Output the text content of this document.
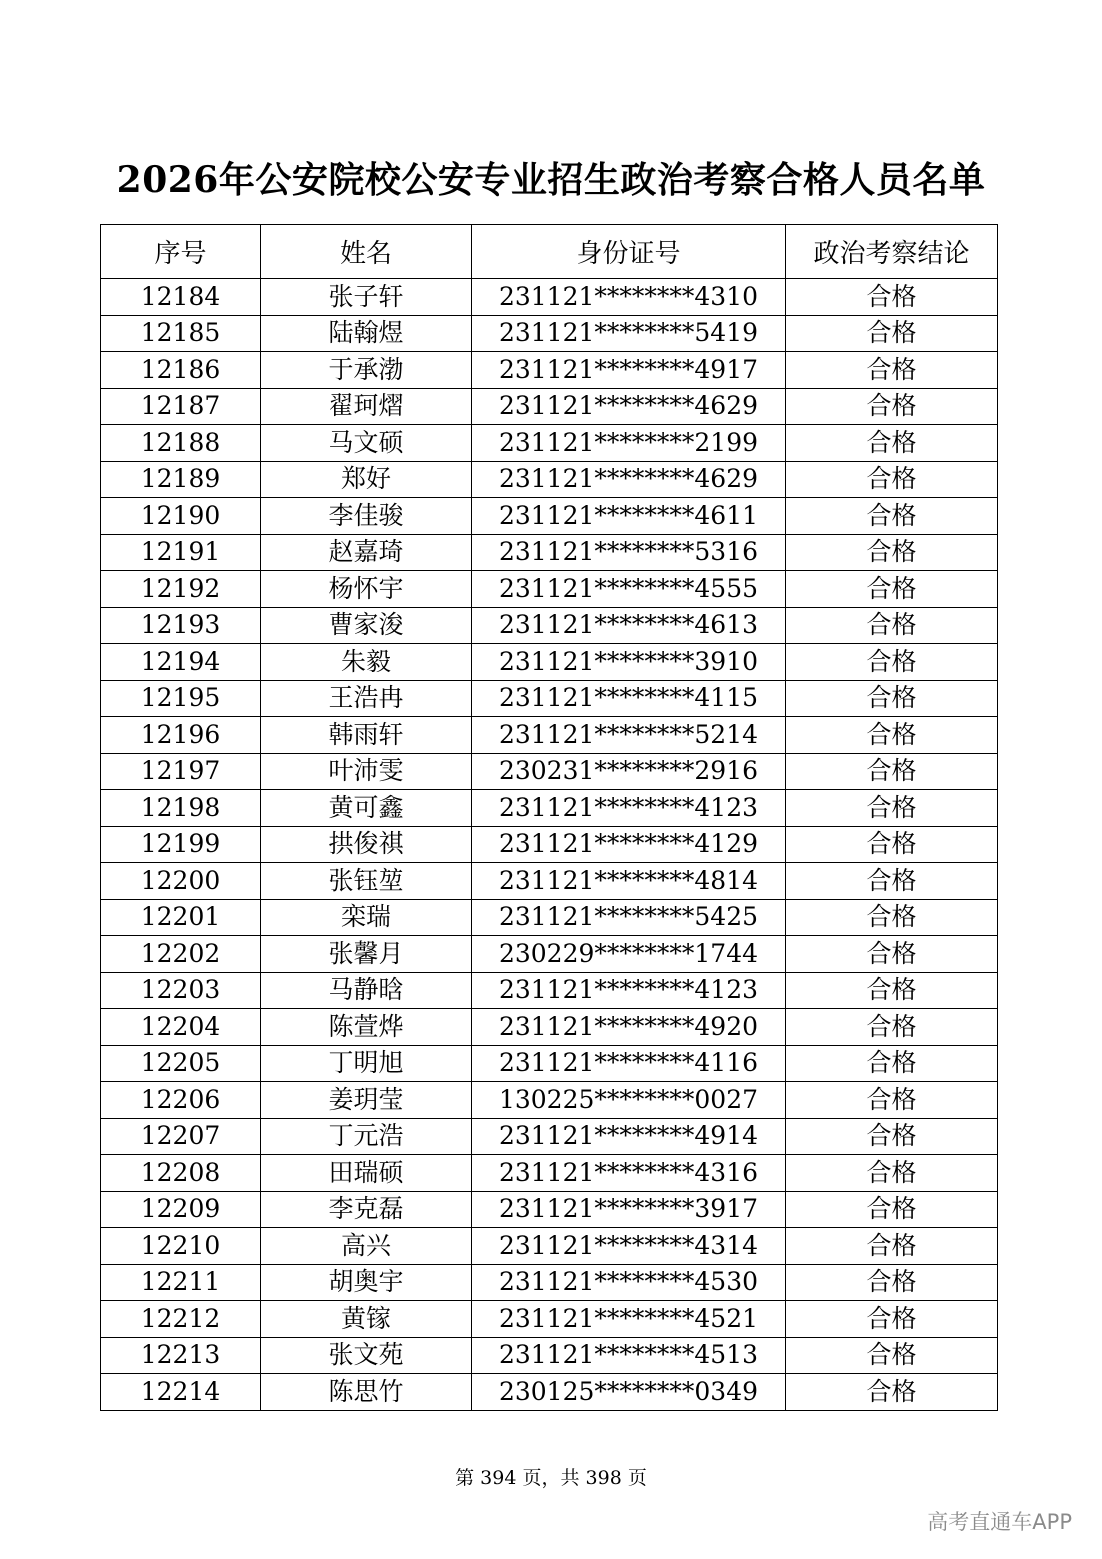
2026年公安院校公安专业招生政治考察合格人员名单
序号	姓名	身份证号	政治考察结论
12184	张子轩	231121********4310	合格
12185	陆翰煜	231121********5419	合格
12186	于承渤	231121********4917	合格
12187	翟珂熠	231121********4629	合格
12188	马文硕	231121********2199	合格
12189	郑好	231121********4629	合格
12190	李佳骏	231121********4611	合格
12191	赵嘉琦	231121********5316	合格
12192	杨怀宇	231121********4555	合格
12193	曹家浚	231121********4613	合格
12194	朱毅	231121********3910	合格
12195	王浩冉	231121********4115	合格
12196	韩雨轩	231121********5214	合格
12197	叶沛雯	230231********2916	合格
12198	黄可鑫	231121********4123	合格
12199	拱俊祺	231121********4129	合格
12200	张钰堃	231121********4814	合格
12201	栾瑞	231121********5425	合格
12202	张馨月	230229********1744	合格
12203	马静晗	231121********4123	合格
12204	陈萱烨	231121********4920	合格
12205	丁明旭	231121********4116	合格
12206	姜玥莹	130225********0027	合格
12207	丁元浩	231121********4914	合格
12208	田瑞硕	231121********4316	合格
12209	李克磊	231121********3917	合格
12210	高兴	231121********4314	合格
12211	胡奥宇	231121********4530	合格
12212	黄镓	231121********4521	合格
12213	张文苑	231121********4513	合格
12214	陈思竹	230125********0349	合格
第 394 页，共 398 页
高考直通车APP
